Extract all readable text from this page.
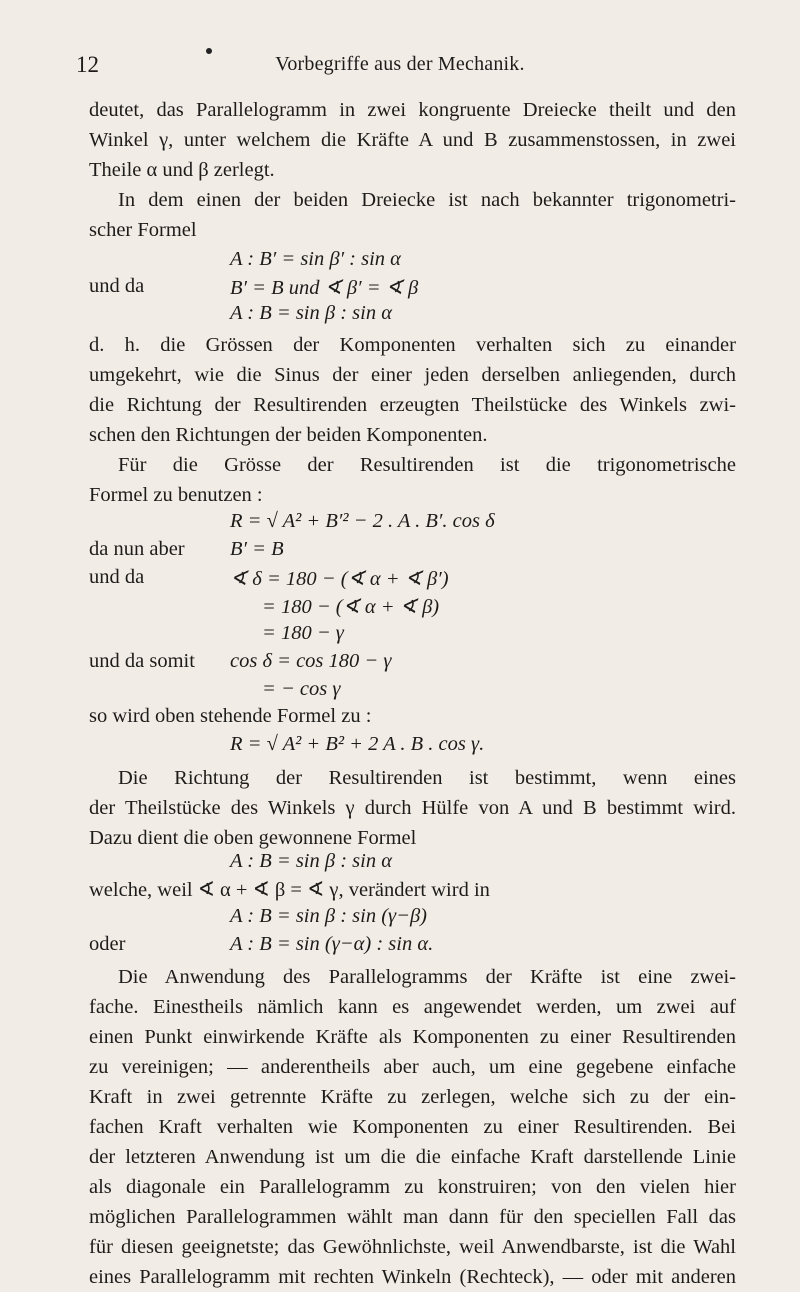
12	Vorbegriffe aus der Mechanik.
deutet, das Parallelogramm in zwei kongruente Dreiecke theilt und den
Winkel γ, unter welchem die Kräfte A und B zusammenstossen, in zwei
Theile α und β zerlegt.
In dem einen der beiden Dreiecke ist nach bekannter trigonometri-
scher Formel
A : B′ = sin β′ : sin α
und da	B′ = B und ∢ β′ = ∢ β
A : B = sin β : sin α
d. h. die Grössen der Komponenten verhalten sich zu einander
umgekehrt, wie die Sinus der einer jeden derselben anliegenden, durch
die Richtung der Resultirenden erzeugten Theilstücke des Winkels zwi-
schen den Richtungen der beiden Komponenten.
Für die Grösse der Resultirenden ist die trigonometrische
Formel zu benutzen :
R = √ A² + B′² − 2 . A . B′. cos δ
da nun aber B′ = B
und da	∢ δ = 180 − (∢ α + ∢ β′)
= 180 − (∢ α + ∢ β)
= 180 − γ
und da somit cos δ = cos 180 − γ
= − cos γ
so wird oben stehende Formel zu :
R = √ A² + B² + 2 A . B . cos γ.
Die Richtung der Resultirenden ist bestimmt, wenn eines
der Theilstücke des Winkels γ durch Hülfe von A und B bestimmt wird.
Dazu dient die oben gewonnene Formel
A : B = sin β : sin α
welche, weil ∢ α + ∢ β = ∢ γ, verändert wird in
A : B = sin β : sin (γ−β)
oder	A : B = sin (γ−α) : sin α.
Die Anwendung des Parallelogramms der Kräfte ist eine zwei-
fache. Einestheils nämlich kann es angewendet werden, um zwei auf
einen Punkt einwirkende Kräfte als Komponenten zu einer Resultirenden
zu vereinigen; — anderentheils aber auch, um eine gegebene einfache
Kraft in zwei getrennte Kräfte zu zerlegen, welche sich zu der ein-
fachen Kraft verhalten wie Komponenten zu einer Resultirenden. Bei
der letzteren Anwendung ist um die die einfache Kraft darstellende Linie
als diagonale ein Parallelogramm zu konstruiren; von den vielen hier
möglichen Parallelogrammen wählt man dann für den speciellen Fall das
für diesen geeignetste; das Gewöhnlichste, weil Anwendbarste, ist die Wahl
eines Parallelogramm mit rechten Winkeln (Rechteck), — oder mit anderen
